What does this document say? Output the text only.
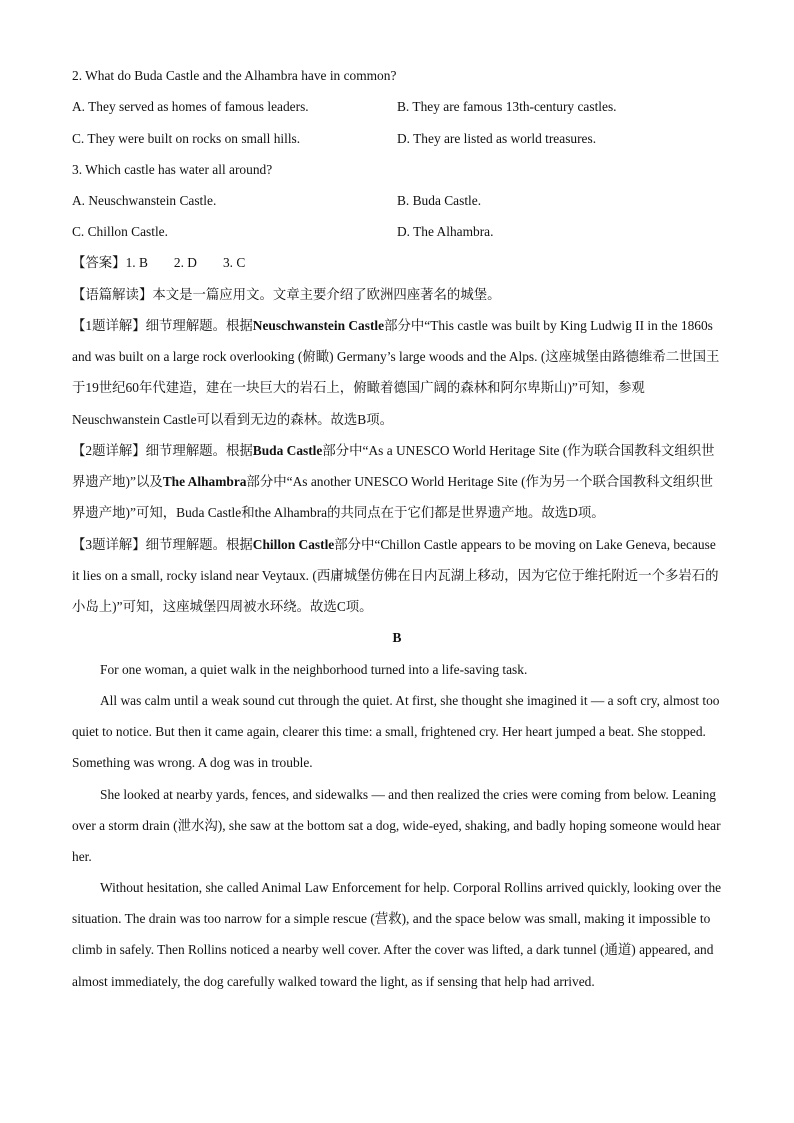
2. What do Buda Castle and the Alhambra have in common?
A. They served as homes of famous leaders.	B. They are famous 13th-century castles.
C. They were built on rocks on small hills.	D. They are listed as world treasures.
3. Which castle has water all around?
A. Neuschwanstein Castle.	B. Buda Castle.
C. Chillon Castle.	D. The Alhambra.
【答案】1. B 2. D 3. C
【语篇解读】本文是一篇应用文。文章主要介绍了欧洲四座著名的城堡。
【1题详解】细节理解题。根据Neuschwanstein Castle部分中“This castle was built by King Ludwig II in the 1860s and was built on a large rock overlooking (俯瞰) Germany’s large woods and the Alps. (这座城堡由路德维希二世国王于19世纪60年代建造，建在一块巨大的岩石上，俯瞰着德国广阔的森林和阿尔卑斯山)”可知，参观Neuschwanstein Castle可以看到无边的森林。故选B项。
【2题详解】细节理解题。根据Buda Castle部分中“As a UNESCO World Heritage Site (作为联合国教科文组织世界遗产地)”以及The Alhambra部分中“As another UNESCO World Heritage Site (作为另一个联合国教科文组织世界遗产地)”可知，Buda Castle和the Alhambra的共同点在于它们都是世界遗产地。故选D项。
【3题详解】细节理解题。根据Chillon Castle部分中“Chillon Castle appears to be moving on Lake Geneva, because it lies on a small, rocky island near Veytaux. (西庸城堡仿佛在日内瓦湖上移动，因为它位于维托附近一个多岩石的小岛上)”可知，这座城堡四周被水环绕。故选C项。
B
For one woman, a quiet walk in the neighborhood turned into a life-saving task.
All was calm until a weak sound cut through the quiet. At first, she thought she imagined it — a soft cry, almost too quiet to notice. But then it came again, clearer this time: a small, frightened cry. Her heart jumped a beat. She stopped. Something was wrong. A dog was in trouble.
She looked at nearby yards, fences, and sidewalks — and then realized the cries were coming from below. Leaning over a storm drain (泄水沟), she saw at the bottom sat a dog, wide-eyed, shaking, and badly hoping someone would hear her.
Without hesitation, she called Animal Law Enforcement for help. Corporal Rollins arrived quickly, looking over the situation. The drain was too narrow for a simple rescue (营救), and the space below was small, making it impossible to climb in safely. Then Rollins noticed a nearby well cover. After the cover was lifted, a dark tunnel (通道) appeared, and almost immediately, the dog carefully walked toward the light, as if sensing that help had arrived.
